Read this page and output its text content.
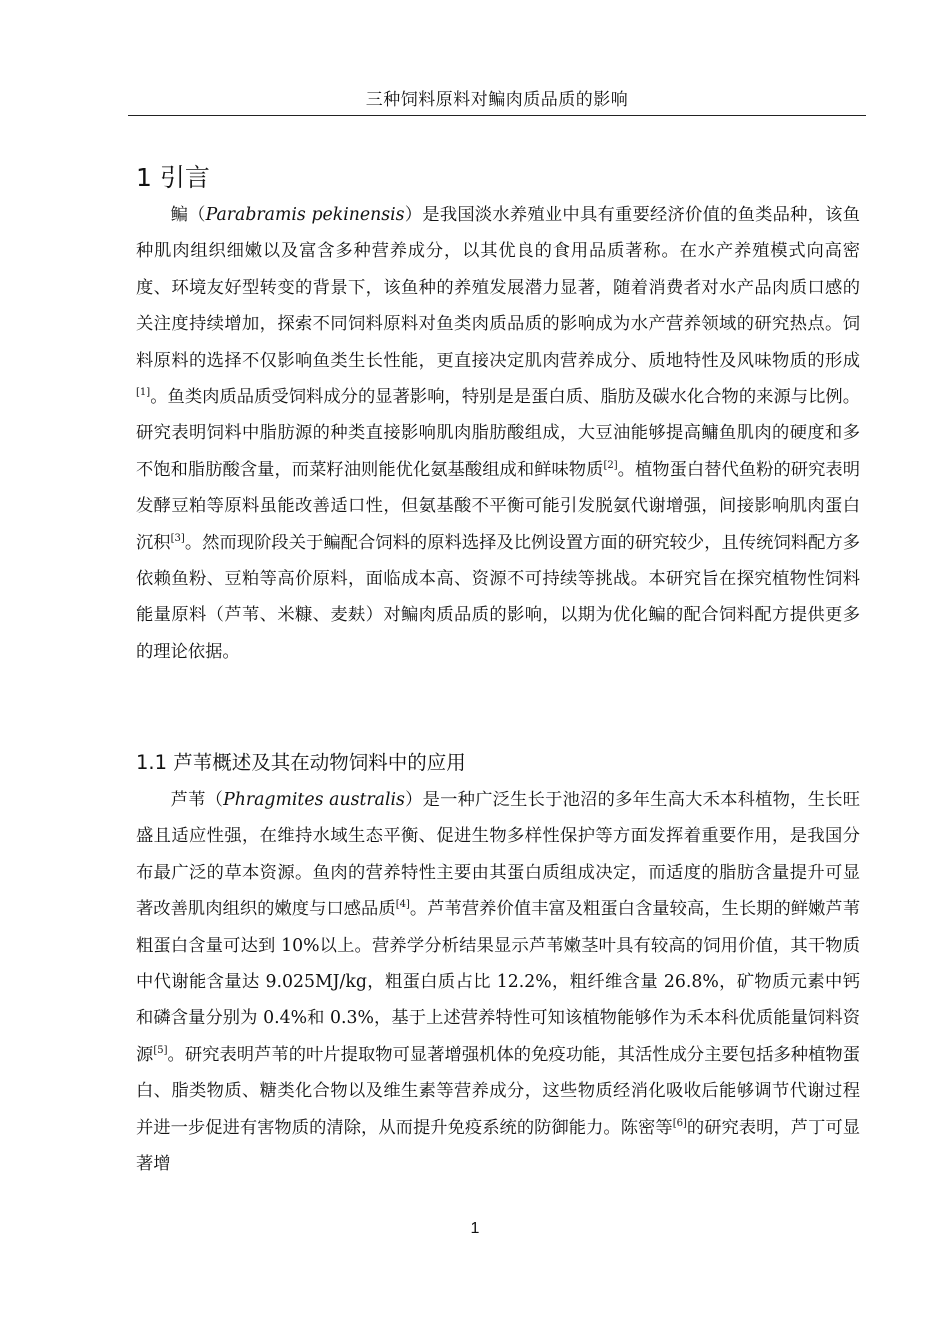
三种饲料原料对鳊肉质品质的影响
1 引言

鳊（Parabramis pekinensis）是我国淡水养殖业中具有重要经济价值的鱼类品种，该鱼种肌肉组织细嫩以及富含多种营养成分，以其优良的食用品质著称。在水产养殖模式向高密度、环境友好型转变的背景下，该鱼种的养殖发展潜力显著，随着消费者对水产品肉质口感的关注度持续增加，探索不同饲料原料对鱼类肉质品质的影响成为水产营养领域的研究热点。饲料原料的选择不仅影响鱼类生长性能，更直接决定肌肉营养成分、质地特性及风味物质的形成[1]。鱼类肉质品质受饲料成分的显著影响，特别是是蛋白质、脂肪及碳水化合物的来源与比例。研究表明饲料中脂肪源的种类直接影响肌肉脂肪酸组成，大豆油能够提高鳙鱼肌肉的硬度和多不饱和脂肪酸含量，而菜籽油则能优化氨基酸组成和鲜味物质[2]。植物蛋白替代鱼粉的研究表明发酵豆粕等原料虽能改善适口性，但氨基酸不平衡可能引发脱氨代谢增强，间接影响肌肉蛋白沉积[3]。然而现阶段关于鳊配合饲料的原料选择及比例设置方面的研究较少，且传统饲料配方多依赖鱼粉、豆粕等高价原料，面临成本高、资源不可持续等挑战。本研究旨在探究植物性饲料能量原料（芦苇、米糠、麦麸）对鳊肉质品质的影响，以期为优化鳊的配合饲料配方提供更多的理论依据。

1.1 芦苇概述及其在动物饲料中的应用

芦苇（Phragmites australis）是一种广泛生长于池沼的多年生高大禾本科植物，生长旺盛且适应性强，在维持水域生态平衡、促进生物多样性保护等方面发挥着重要作用，是我国分布最广泛的草本资源。鱼肉的营养特性主要由其蛋白质组成决定，而适度的脂肪含量提升可显著改善肌肉组织的嫩度与口感品质[4]。芦苇营养价值丰富及粗蛋白含量较高，生长期的鲜嫩芦苇粗蛋白含量可达到 10%以上。营养学分析结果显示芦苇嫩茎叶具有较高的饲用价值，其干物质中代谢能含量达 9.025MJ/kg，粗蛋白质占比 12.2%，粗纤维含量 26.8%，矿物质元素中钙和磷含量分别为 0.4%和 0.3%，基于上述营养特性可知该植物能够作为禾本科优质能量饲料资源[5]。研究表明芦苇的叶片提取物可显著增强机体的免疫功能，其活性成分主要包括多种植物蛋白、脂类物质、糖类化合物以及维生素等营养成分，这些物质经消化吸收后能够调节代谢过程并进一步促进有害物质的清除，从而提升免疫系统的防御能力。陈密等[6]的研究表明，芦丁可显著增

1
